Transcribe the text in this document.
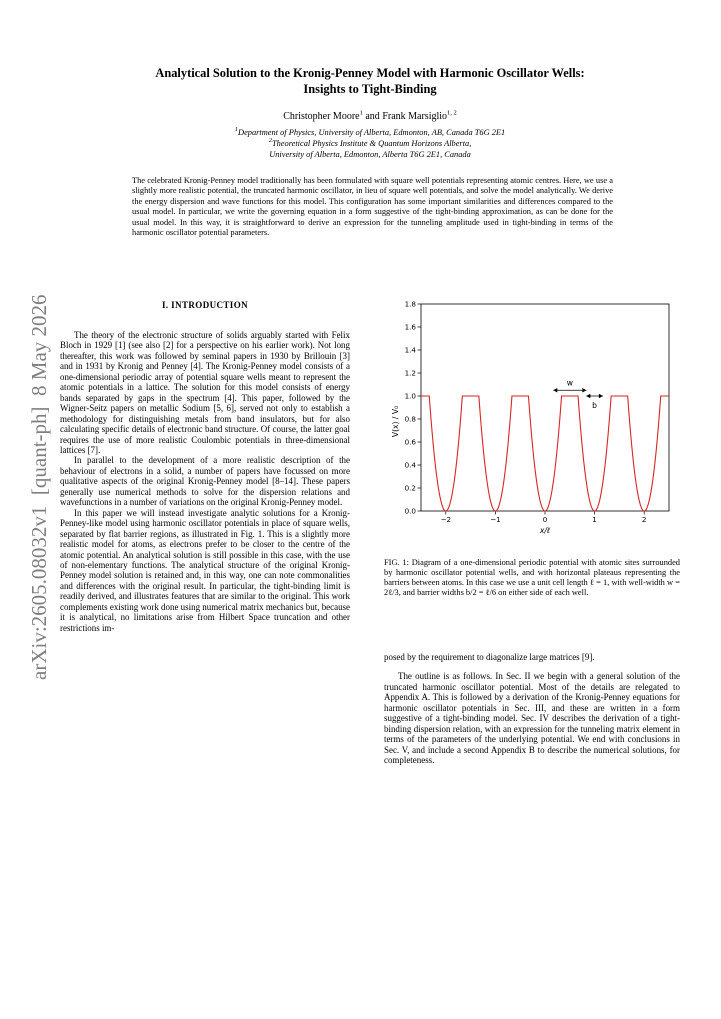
arXiv:2605.08032v1  [quant-ph]  8 May 2026
Analytical Solution to the Kronig-Penney Model with Harmonic Oscillator Wells:
Insights to Tight-Binding
Christopher Moore$^1$ and Frank Marsiglio$^{1, 2}$
$^1$Department of Physics, University of Alberta, Edmonton, AB, Canada T6G 2E1
$^2$Theoretical Physics Institute & Quantum Horizons Alberta,
University of Alberta, Edmonton, Alberta T6G 2E1, Canada
The celebrated Kronig-Penney model traditionally has been formulated with square well potentials representing atomic centres. Here, we use a slightly more realistic potential, the truncated harmonic oscillator, in lieu of square well potentials, and solve the model analytically. We derive the energy dispersion and wave functions for this model. This configuration has some important similarities and differences compared to the usual model. In particular, we write the governing equation in a form suggestive of the tight-binding approximation, as can be done for the usual model. In this way, it is straightforward to derive an expression for the tunneling amplitude used in tight-binding in terms of the harmonic oscillator potential parameters.
I. INTRODUCTION

The theory of the electronic structure of solids arguably started with Felix Bloch in 1929 [1] (see also [2] for a perspective on his earlier work). Not long thereafter, this work was followed by seminal papers in 1930 by Brillouin [3] and in 1931 by Kronig and Penney [4]. The Kronig-Penney model consists of a one-dimensional periodic array of potential square wells meant to represent the atomic potentials in a lattice. The solution for this model consists of energy bands separated by gaps in the spectrum [4]. This paper, followed by the Wigner-Seitz papers on metallic Sodium [5, 6], served not only to establish a methodology for distinguishing metals from band insulators, but for also calculating specific details of electronic band structure. Of course, the latter goal requires the use of more realistic Coulombic potentials in three-dimensional lattices [7].

In parallel to the development of a more realistic description of the behaviour of electrons in a solid, a number of papers have focussed on more qualitative aspects of the original Kronig-Penney model [8–14]. These papers generally use numerical methods to solve for the dispersion relations and wavefunctions in a number of variations on the original Kronig-Penney model.

In this paper we will instead investigate analytic solutions for a Kronig-Penney-like model using harmonic oscillator potentials in place of square wells, separated by flat barrier regions, as illustrated in Fig. 1. This is a slightly more realistic model for atoms, as electrons prefer to be closer to the centre of the atomic potential. An analytical solution is still possible in this case, with the use of non-elementary functions. The analytical structure of the original Kronig-Penney model solution is retained and, in this way, one can note commonalities and differences with the original result. In particular, the tight-binding limit is readily derived, and illustrates features that are similar to the original. This work complements existing work done using numerical matrix mechanics but, because it is analytical, no limitations arise from Hilbert Space truncation and other restrictions im-

−2	−1	0	1	2
0.0
0.2
0.4
0.6
0.8
1.0
1.2
1.4
1.6
1.8
w
b
x/ℓ
V(x) / V₀
FIG. 1: Diagram of a one-dimensional periodic potential with atomic sites surrounded by harmonic oscillator potential wells, and with horizontal plateaus representing the barriers between atoms. In this case we use a unit cell length ℓ = 1, with well-width w = 2ℓ/3, and barrier widths b/2 = ℓ/6 on either side of each well.

posed by the requirement to diagonalize large matrices [9].

The outline is as follows. In Sec. II we begin with a general solution of the truncated harmonic oscillator potential. Most of the details are relegated to Appendix A. This is followed by a derivation of the Kronig-Penney equations for harmonic oscillator potentials in Sec. III, and these are written in a form suggestive of a tight-binding model. Sec. IV describes the derivation of a tight-binding dispersion relation, with an expression for the tunneling matrix element in terms of the parameters of the underlying potential. We end with conclusions in Sec. V, and include a second Appendix B to describe the numerical solutions, for completeness.
